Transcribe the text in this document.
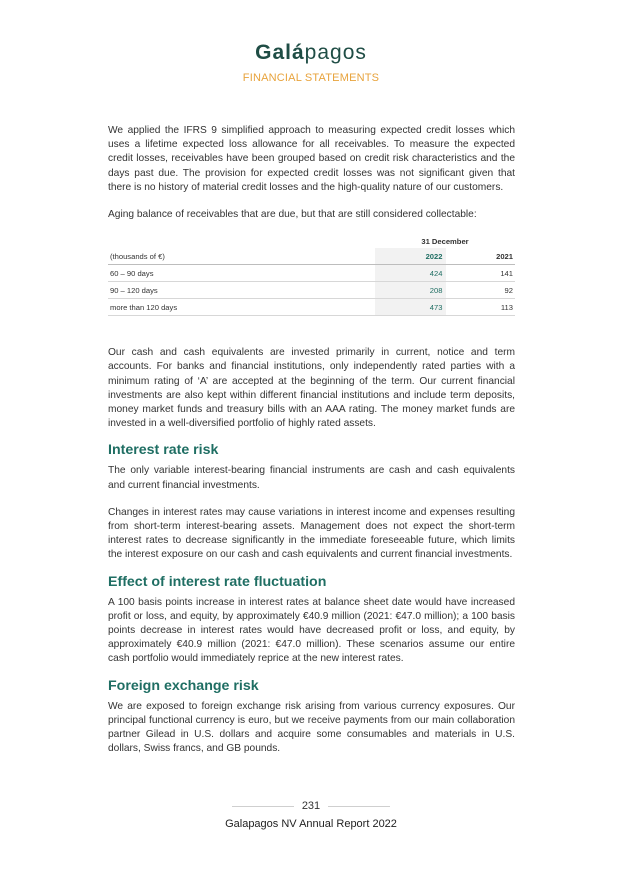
Galápagos
FINANCIAL STATEMENTS

We applied the IFRS 9 simplified approach to measuring expected credit losses which uses a lifetime expected loss allowance for all receivables. To measure the expected credit losses, receivables have been grouped based on credit risk characteristics and the days past due. The provision for expected credit losses was not significant given that there is no history of material credit losses and the high-quality nature of our customers.

Aging balance of receivables that are due, but that are still considered collectable:

	31 December	
(thousands of €)	2022	2021
60 – 90 days	424	141
90 – 120 days	208	92
more than 120 days	473	113

Our cash and cash equivalents are invested primarily in current, notice and term accounts. For banks and financial institutions, only independently rated parties with a minimum rating of ‘A’ are accepted at the beginning of the term. Our current financial investments are also kept within different financial institutions and include term deposits, money market funds and treasury bills with an AAA rating. The money market funds are invested in a well-diversified portfolio of highly rated assets.

Interest rate risk

The only variable interest-bearing financial instruments are cash and cash equivalents and current financial investments.

Changes in interest rates may cause variations in interest income and expenses resulting from short-term interest-bearing assets. Management does not expect the short-term interest rates to decrease significantly in the immediate foreseeable future, which limits the interest exposure on our cash and cash equivalents and current financial investments.

Effect of interest rate fluctuation

A 100 basis points increase in interest rates at balance sheet date would have increased profit or loss, and equity, by approximately €40.9 million (2021: €47.0 million); a 100 basis points decrease in interest rates would have decreased profit or loss, and equity, by approximately €40.9 million (2021: €47.0 million). These scenarios assume our entire cash portfolio would immediately reprice at the new interest rates.

Foreign exchange risk

We are exposed to foreign exchange risk arising from various currency exposures. Our principal functional currency is euro, but we receive payments from our main collaboration partner Gilead in U.S. dollars and acquire some consumables and materials in U.S. dollars, Swiss francs, and GB pounds.

231
Galapagos NV Annual Report 2022
